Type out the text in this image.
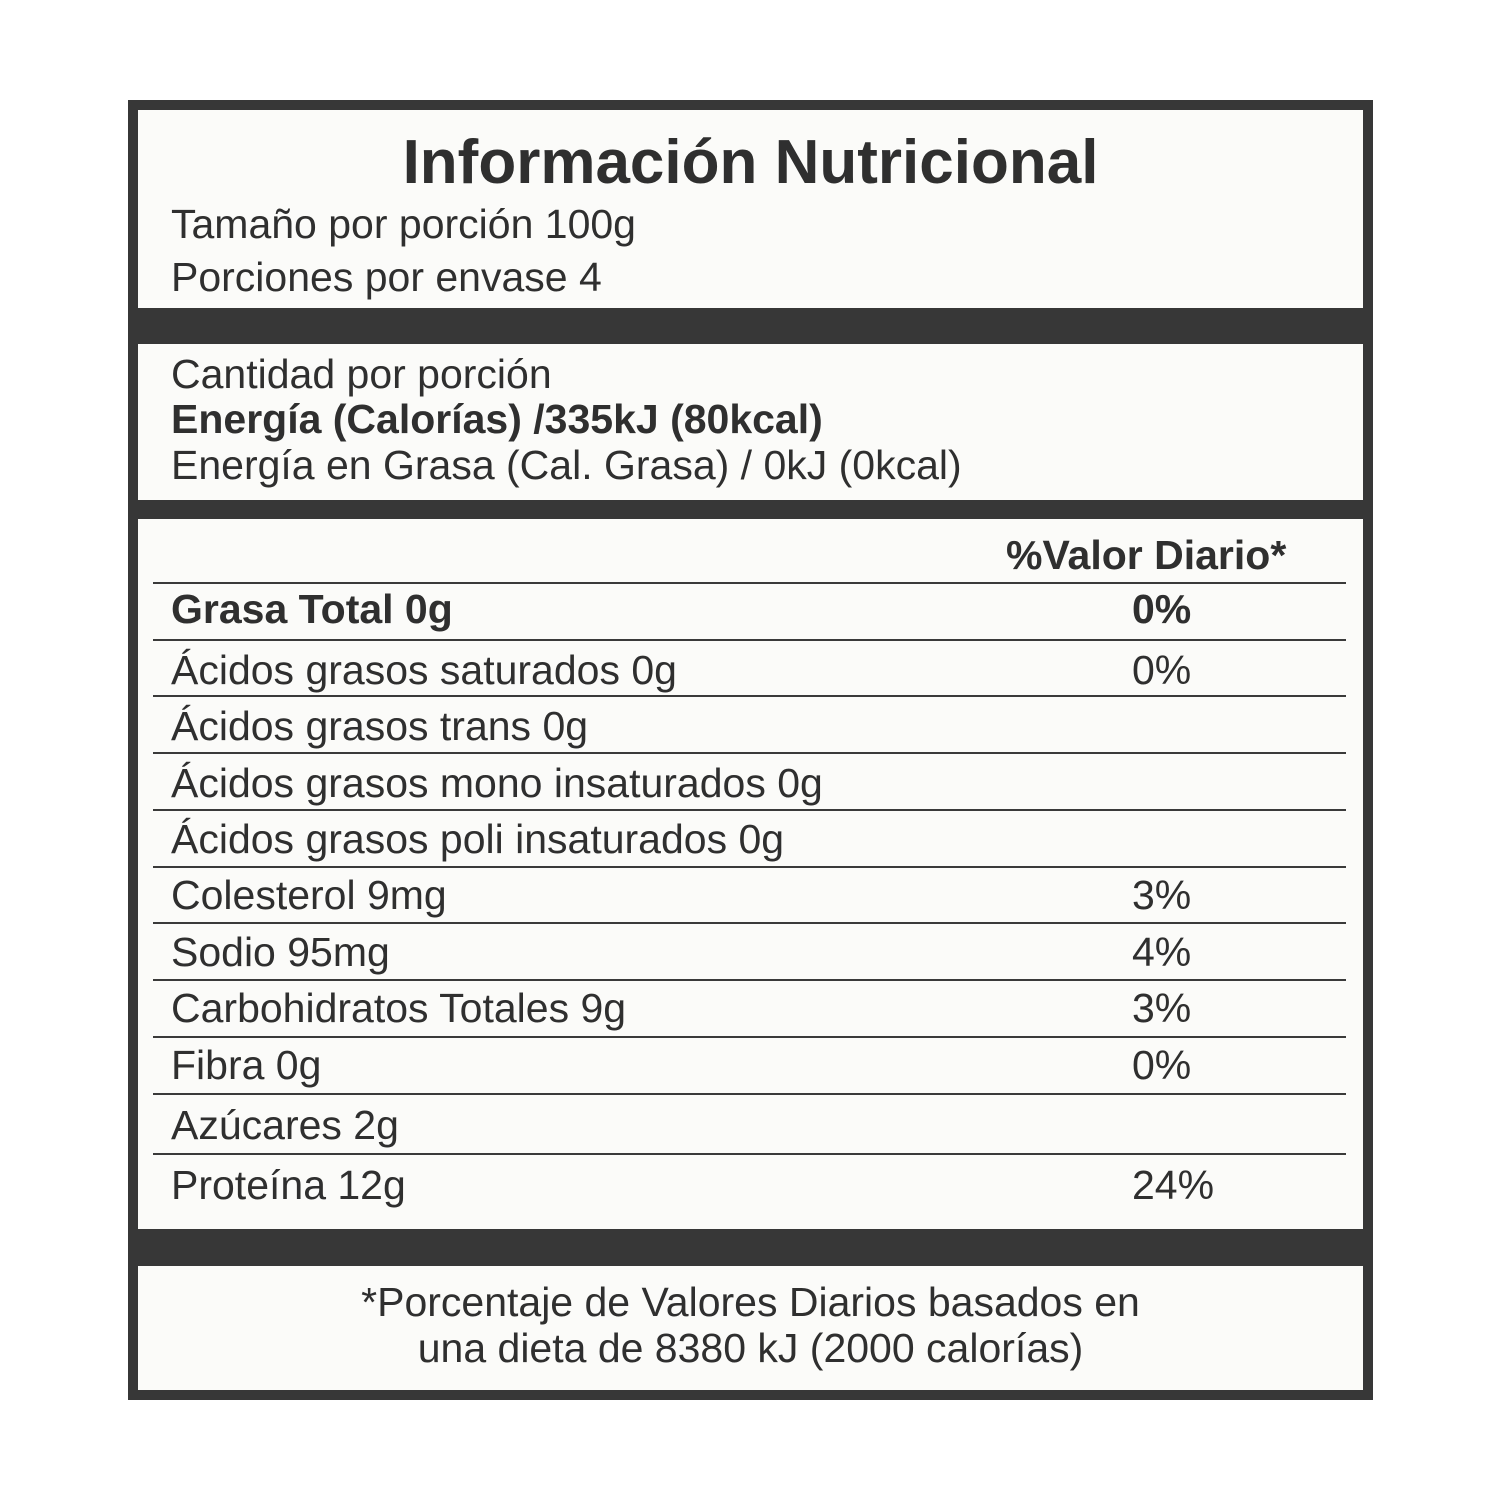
Información Nutricional
Tamaño por porción 100g
Porciones por envase 4
Cantidad por porción
Energía (Calorías) /335kJ (80kcal)
Energía en Grasa (Cal. Grasa) / 0kJ (0kcal)
%Valor Diario*
Grasa Total 0g	0%
Ácidos grasos saturados 0g	0%
Ácidos grasos trans 0g
Ácidos grasos mono insaturados 0g
Ácidos grasos poli insaturados 0g
Colesterol 9mg	3%
Sodio 95mg	4%
Carbohidratos Totales 9g	3%
Fibra 0g	0%
Azúcares 2g
Proteína 12g	24%
*Porcentaje de Valores Diarios basados en
una dieta de 8380 kJ (2000 calorías)
